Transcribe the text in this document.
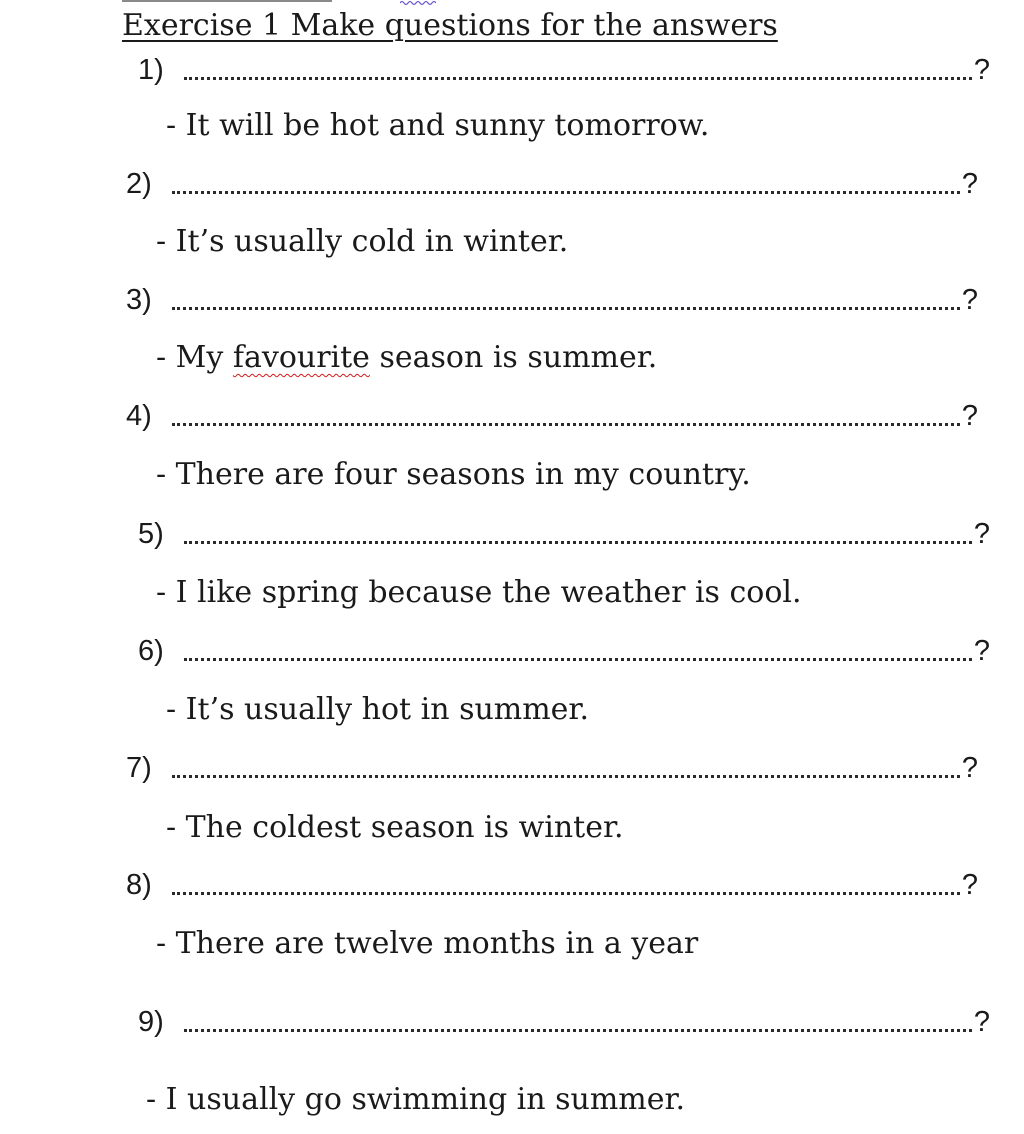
Exercise 1 Make questions for the answers
1)	?

- It will be hot and sunny tomorrow.

2)	?

- It’s usually cold in winter.

3)	?

- My favourite season is summer.

4)	?

- There are four seasons in my country.

5)	?

- I like spring because the weather is cool.

6)	?

- It’s usually hot in summer.

7)	?

- The coldest season is winter.

8)	?

- There are twelve months in a year

9)	?

- I usually go swimming in summer.
